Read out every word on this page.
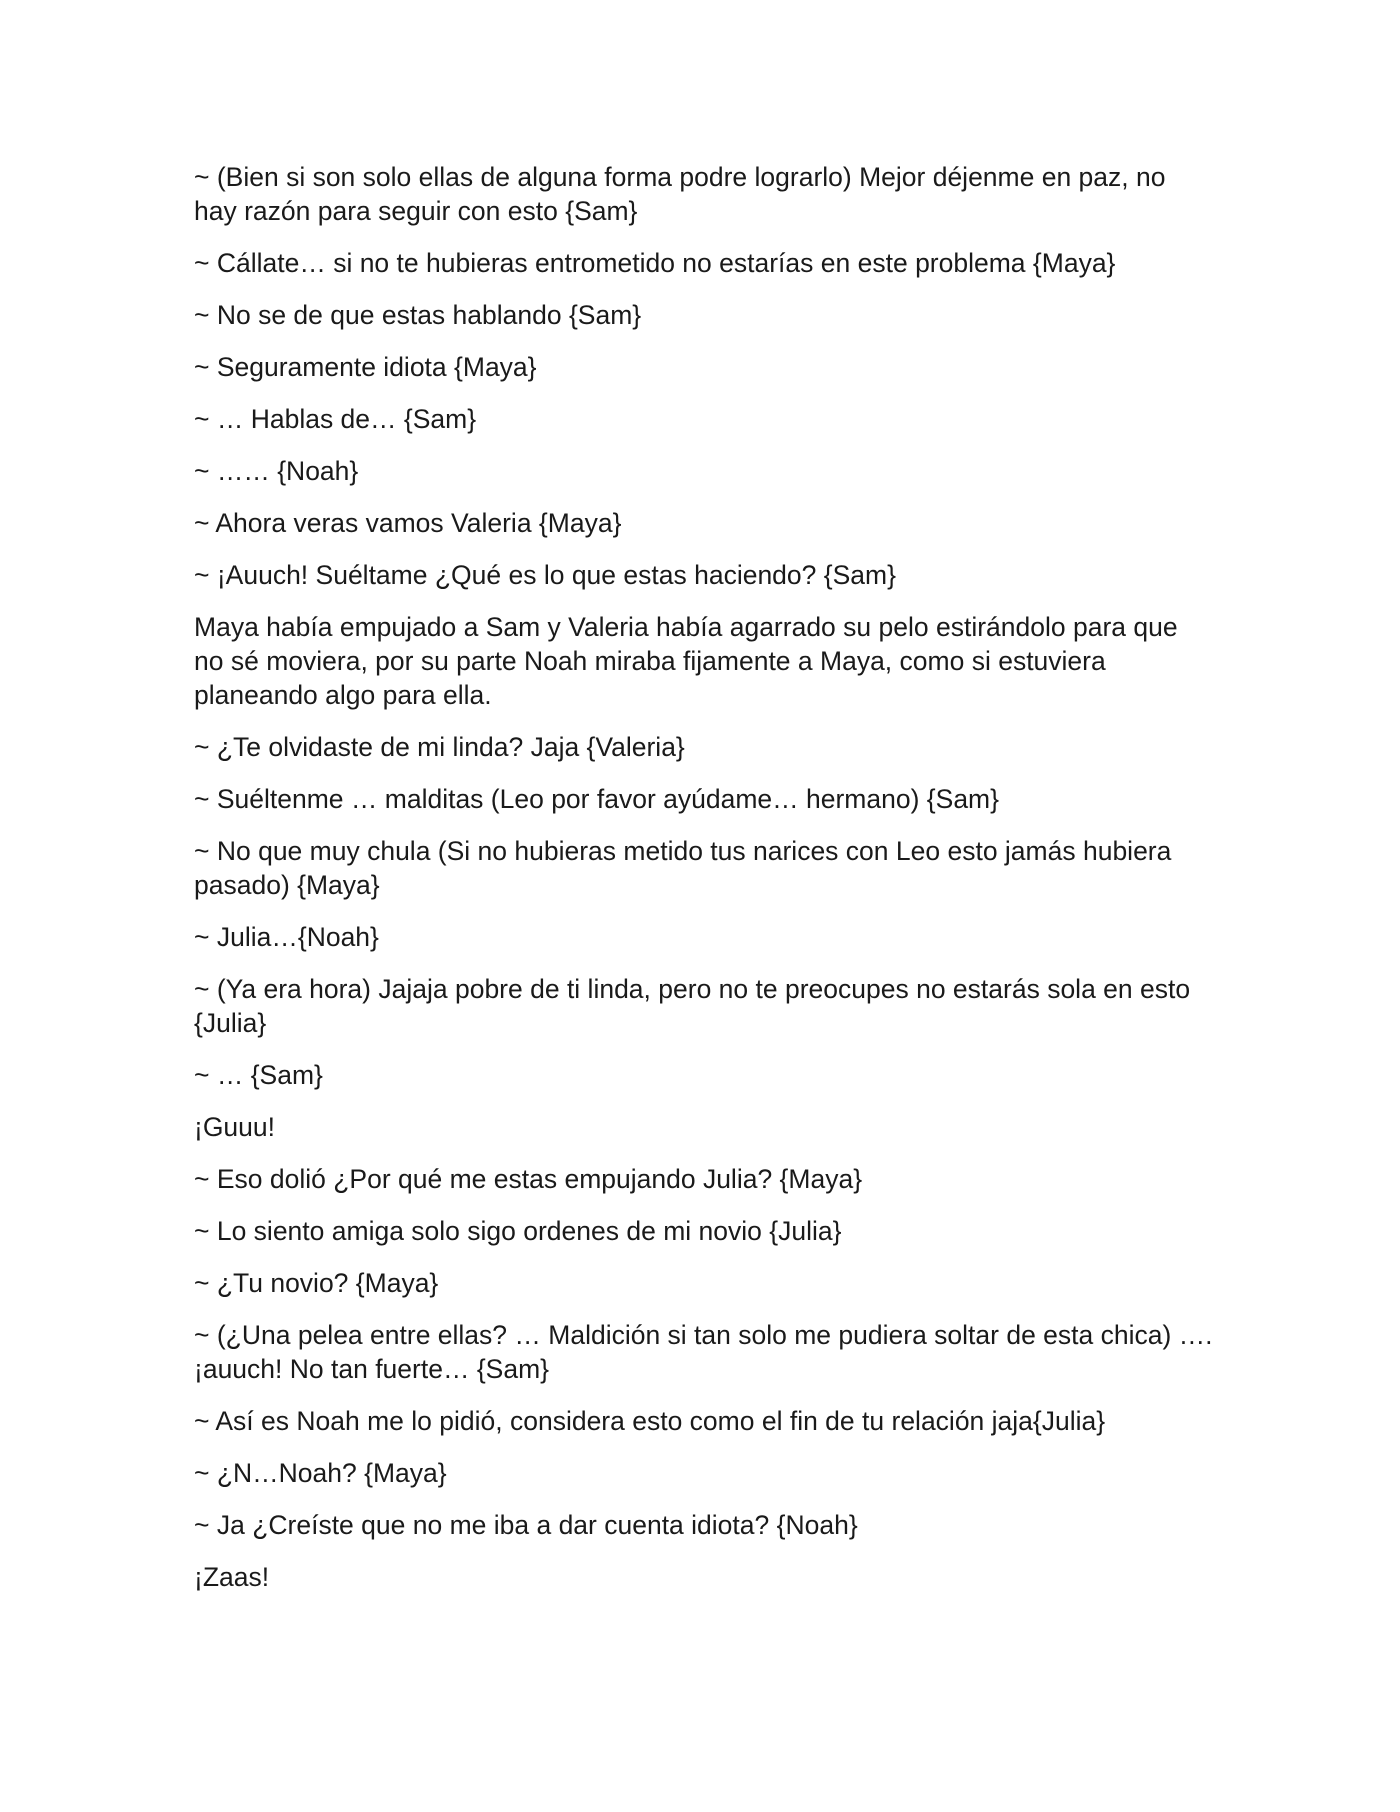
~ (Bien si son solo ellas de alguna forma podre lograrlo) Mejor déjenme en paz, no hay razón para seguir con esto {Sam}

~ Cállate… si no te hubieras entrometido no estarías en este problema {Maya}

~ No se de que estas hablando {Sam}

~ Seguramente idiota {Maya}

~ … Hablas de… {Sam}

~ …… {Noah}

~ Ahora veras vamos Valeria {Maya}

~ ¡Auuch! Suéltame ¿Qué es lo que estas haciendo? {Sam}

Maya había empujado a Sam y Valeria había agarrado su pelo estirándolo para que no sé moviera, por su parte Noah miraba fijamente a Maya, como si estuviera planeando algo para ella.

~ ¿Te olvidaste de mi linda? Jaja {Valeria}

~ Suéltenme … malditas (Leo por favor ayúdame… hermano) {Sam}

~ No que muy chula (Si no hubieras metido tus narices con Leo esto jamás hubiera pasado) {Maya}

~ Julia…{Noah}

~ (Ya era hora) Jajaja pobre de ti linda, pero no te preocupes no estarás sola en esto {Julia}

~ … {Sam}

¡Guuu!

~ Eso dolió ¿Por qué me estas empujando Julia? {Maya}

~ Lo siento amiga solo sigo ordenes de mi novio {Julia}

~ ¿Tu novio? {Maya}

~ (¿Una pelea entre ellas? … Maldición si tan solo me pudiera soltar de esta chica) …. ¡auuch! No tan fuerte… {Sam}

~ Así es Noah me lo pidió, considera esto como el fin de tu relación jaja{Julia}

~ ¿N…Noah? {Maya}

~ Ja ¿Creíste que no me iba a dar cuenta idiota? {Noah}

¡Zaas!
